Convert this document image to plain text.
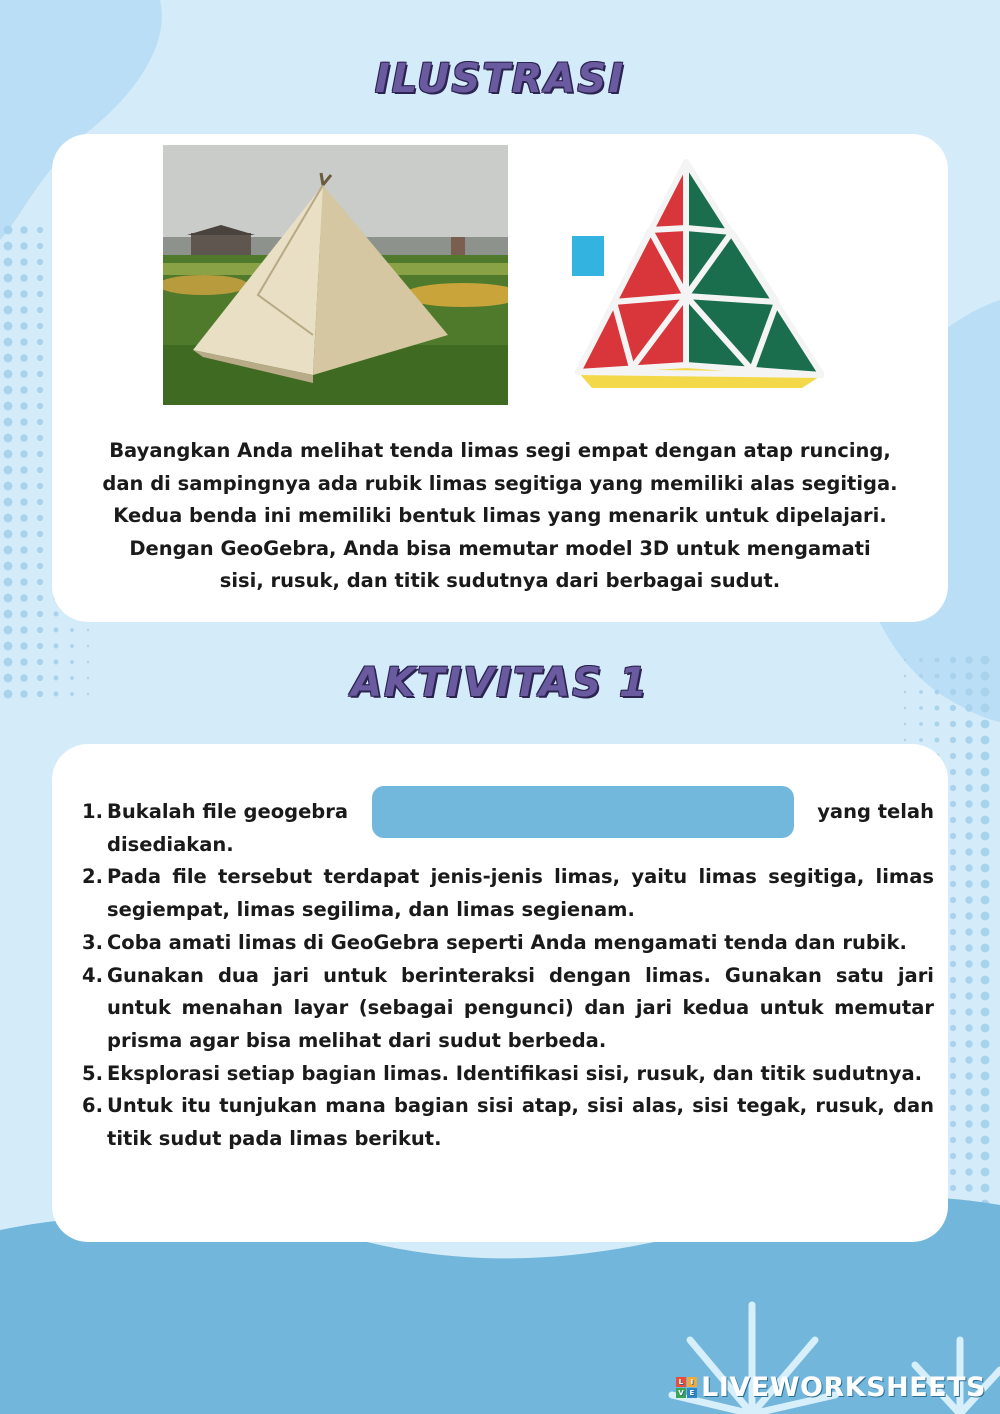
ILUSTRASI
Bayangkan Anda melihat tenda limas segi empat dengan atap runcing,
dan di sampingnya ada rubik limas segitiga yang memiliki alas segitiga.
Kedua benda ini memiliki bentuk limas yang menarik untuk dipelajari.
Dengan GeoGebra, Anda bisa memutar model 3D untuk mengamati
sisi, rusuk, dan titik sudutnya dari berbagai sudut.
AKTIVITAS 1
1. Bukalah file geogebra	yang telah
disediakan.
2. Pada file tersebut terdapat jenis-jenis limas, yaitu limas segitiga, limas segiempat, limas segilima, dan limas segienam.
3. Coba amati limas di GeoGebra seperti Anda mengamati tenda dan rubik.
4. Gunakan dua jari untuk berinteraksi dengan limas. Gunakan satu jari untuk menahan layar (sebagai pengunci) dan jari kedua untuk memutar prisma agar bisa melihat dari sudut berbeda.
5. Eksplorasi setiap bagian limas. Identifikasi sisi, rusuk, dan titik sudutnya.
6. Untuk itu tunjukan mana bagian sisi atap, sisi alas, sisi tegak, rusuk, dan titik sudut pada limas berikut.
L I
V E LIVEWORKSHEETS
